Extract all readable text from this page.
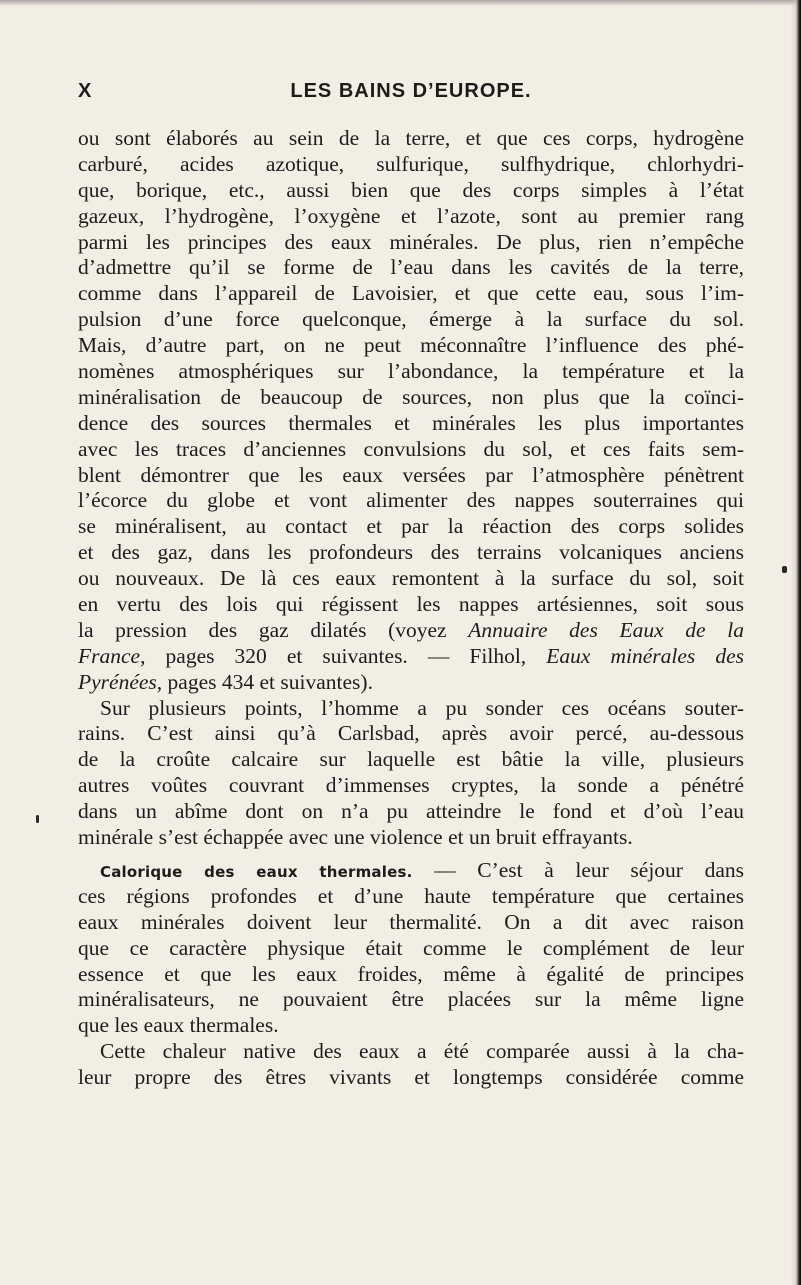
X	LES BAINS D’EUROPE.
ou sont élaborés au sein de la terre, et que ces corps, hydrogène
carburé, acides azotique, sulfurique, sulfhydrique, chlorhydri-
que, borique, etc., aussi bien que des corps simples à l’état
gazeux, l’hydrogène, l’oxygène et l’azote, sont au premier rang
parmi les principes des eaux minérales. De plus, rien n’empêche
d’admettre qu’il se forme de l’eau dans les cavités de la terre,
comme dans l’appareil de Lavoisier, et que cette eau, sous l’im-
pulsion d’une force quelconque, émerge à la surface du sol.
Mais, d’autre part, on ne peut méconnaître l’influence des phé-
nomènes atmosphériques sur l’abondance, la température et la
minéralisation de beaucoup de sources, non plus que la coïnci-
dence des sources thermales et minérales les plus importantes
avec les traces d’anciennes convulsions du sol, et ces faits sem-
blent démontrer que les eaux versées par l’atmosphère pénètrent
l’écorce du globe et vont alimenter des nappes souterraines qui
se minéralisent, au contact et par la réaction des corps solides
et des gaz, dans les profondeurs des terrains volcaniques anciens
ou nouveaux. De là ces eaux remontent à la surface du sol, soit
en vertu des lois qui régissent les nappes artésiennes, soit sous
la pression des gaz dilatés (voyez Annuaire des Eaux de la
France, pages 320 et suivantes. — Filhol, Eaux minérales des
Pyrénées, pages 434 et suivantes).
Sur plusieurs points, l’homme a pu sonder ces océans souter-
rains. C’est ainsi qu’à Carlsbad, après avoir percé, au-dessous
de la croûte calcaire sur laquelle est bâtie la ville, plusieurs
autres voûtes couvrant d’immenses cryptes, la sonde a pénétré
dans un abîme dont on n’a pu atteindre le fond et d’où l’eau
minérale s’est échappée avec une violence et un bruit effrayants.
Calorique des eaux thermales. — C’est à leur séjour dans
ces régions profondes et d’une haute température que certaines
eaux minérales doivent leur thermalité. On a dit avec raison
que ce caractère physique était comme le complément de leur
essence et que les eaux froides, même à égalité de principes
minéralisateurs, ne pouvaient être placées sur la même ligne
que les eaux thermales.
Cette chaleur native des eaux a été comparée aussi à la cha-
leur propre des êtres vivants et longtemps considérée comme
